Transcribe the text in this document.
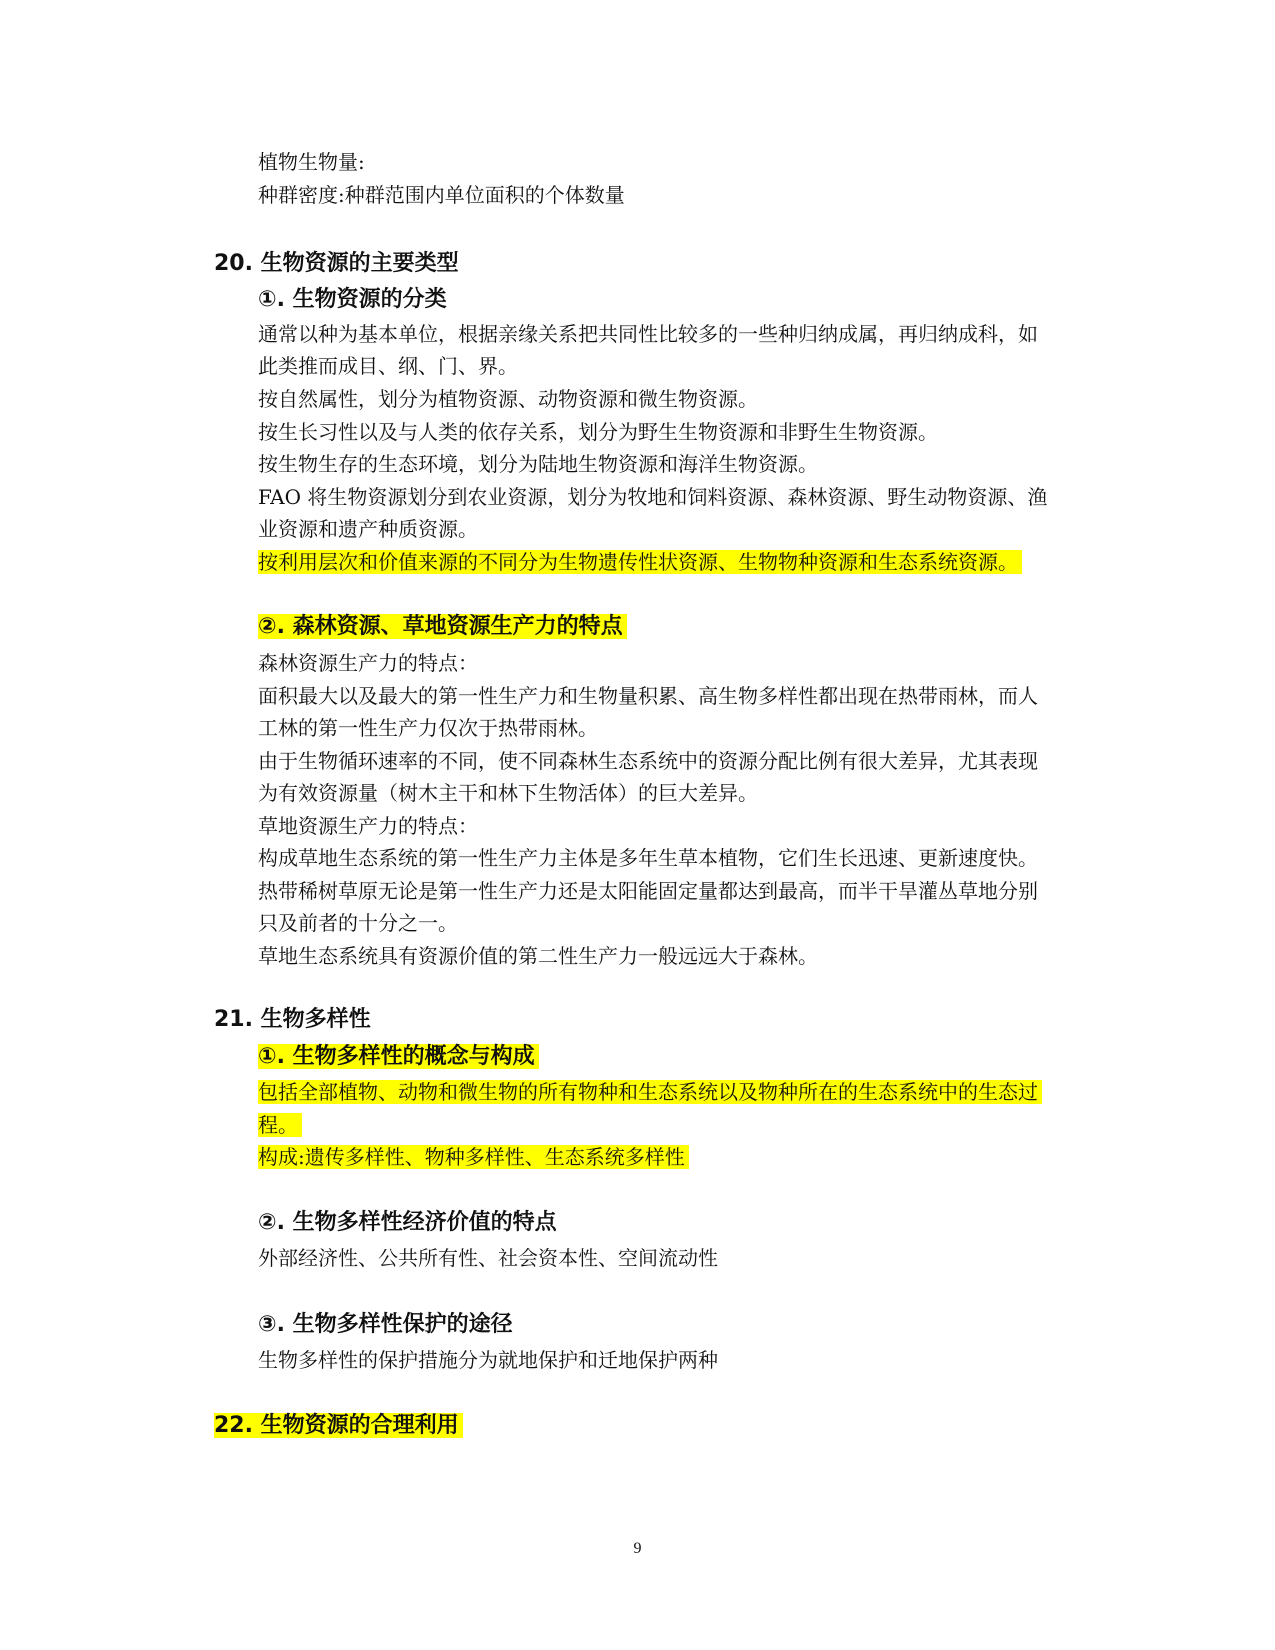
植物生物量:
种群密度:种群范围内单位面积的个体数量
20. 生物资源的主要类型
①. 生物资源的分类
通常以种为基本单位，根据亲缘关系把共同性比较多的一些种归纳成属，再归纳成科，如
此类推而成目、纲、门、界。
按自然属性，划分为植物资源、动物资源和微生物资源。
按生长习性以及与人类的依存关系，划分为野生生物资源和非野生生物资源。
按生物生存的生态环境，划分为陆地生物资源和海洋生物资源。
FAO 将生物资源划分到农业资源，划分为牧地和饲料资源、森林资源、野生动物资源、渔
业资源和遗产种质资源。
按利用层次和价值来源的不同分为生物遗传性状资源、生物物种资源和生态系统资源。
②. 森林资源、草地资源生产力的特点
森林资源生产力的特点：
面积最大以及最大的第一性生产力和生物量积累、高生物多样性都出现在热带雨林，而人
工林的第一性生产力仅次于热带雨林。
由于生物循环速率的不同，使不同森林生态系统中的资源分配比例有很大差异，尤其表现
为有效资源量（树木主干和林下生物活体）的巨大差异。
草地资源生产力的特点：
构成草地生态系统的第一性生产力主体是多年生草本植物，它们生长迅速、更新速度快。
热带稀树草原无论是第一性生产力还是太阳能固定量都达到最高，而半干旱灌丛草地分别
只及前者的十分之一。
草地生态系统具有资源价值的第二性生产力一般远远大于森林。
21. 生物多样性
①. 生物多样性的概念与构成
包括全部植物、动物和微生物的所有物种和生态系统以及物种所在的生态系统中的生态过
程。
构成:遗传多样性、物种多样性、生态系统多样性
②. 生物多样性经济价值的特点
外部经济性、公共所有性、社会资本性、空间流动性
③. 生物多样性保护的途径
生物多样性的保护措施分为就地保护和迁地保护两种
22. 生物资源的合理利用
9
